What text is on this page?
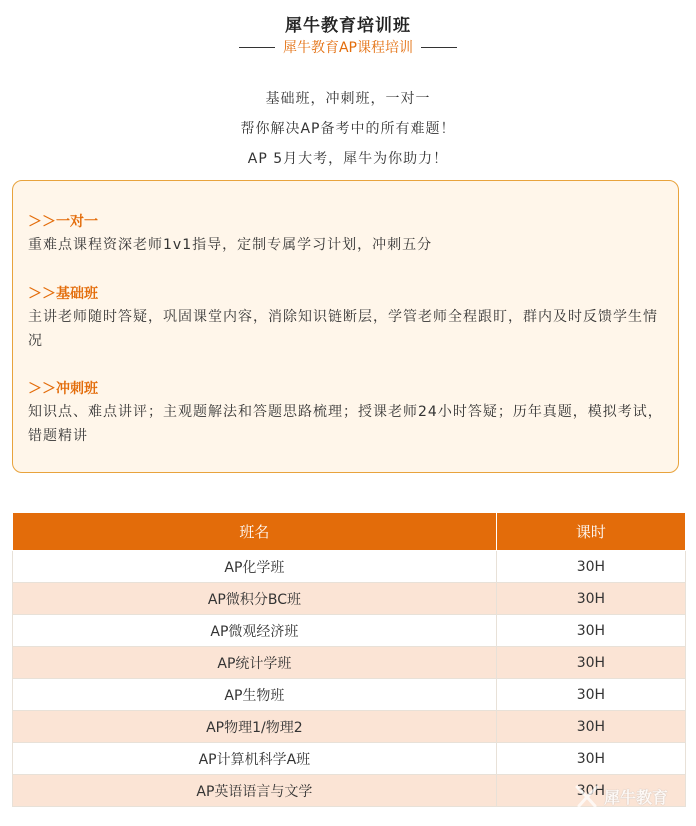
犀牛教育培训班
犀牛教育AP课程培训
基础班，冲刺班，一对一
帮你解决AP备考中的所有难题！
AP 5月大考，犀牛为你助力！
＞＞一对一
重难点课程资深老师1v1指导，定制专属学习计划，冲刺五分
＞＞基础班
主讲老师随时答疑，巩固课堂内容，消除知识链断层，学管老师全程跟盯，群内及时反馈学生情况
＞＞冲刺班
知识点、难点讲评；主观题解法和答题思路梳理；授课老师24小时答疑；历年真题，模拟考试，错题精讲
班名	课时
AP化学班	30H
AP微积分BC班	30H
AP微观经济班	30H
AP统计学班	30H
AP生物班	30H
AP物理1/物理2	30H
AP计算机科学A班	30H
AP英语语言与文学	30H
犀牛教育
